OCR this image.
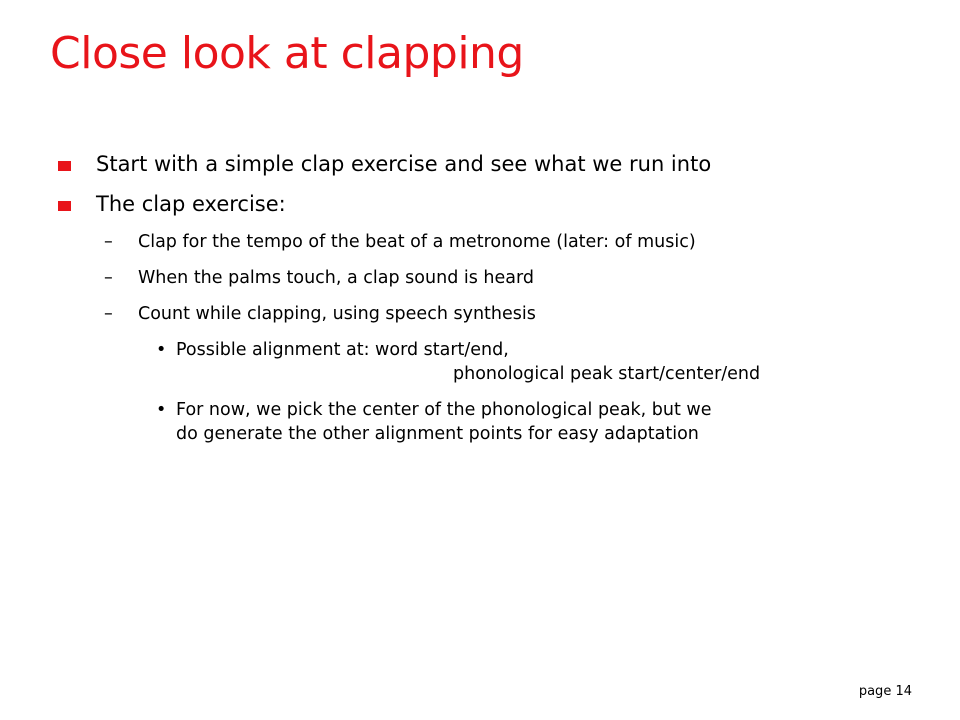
Close look at clapping
Start with a simple clap exercise and see what we run into
The clap exercise:
– Clap for the tempo of the beat of a metronome (later: of music)
– When the palms touch, a clap sound is heard
– Count while clapping, using speech synthesis
• Possible alignment at: word start/end,
phonological peak start/center/end
• For now, we pick the center of the phonological peak, but we
do generate the other alignment points for easy adaptation
page 14
